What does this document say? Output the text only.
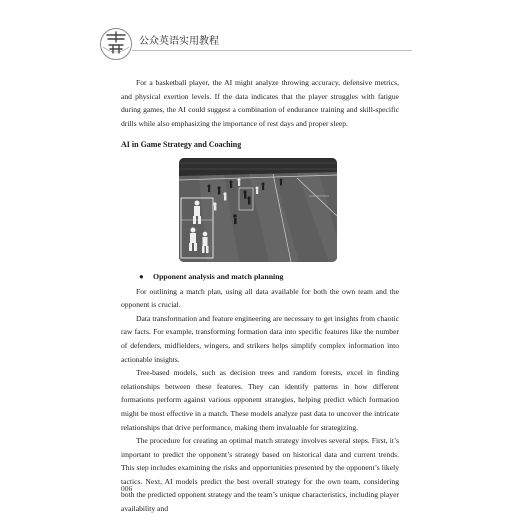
公众英语实用教程

For a basketball player, the AI might analyze throwing accuracy, defensive metrics, and physical exertion levels. If the data indicates that the player struggles with fatigue during games, the AI could suggest a combination of endurance training and skill-specific drills while also emphasizing the importance of rest days and proper sleep.

AI in Game Strategy and Coaching
● Opponent analysis and match planning

For outlining a match plan, using all data available for both the own team and the opponent is crucial.

Data transformation and feature engineering are necessary to get insights from chaotic raw facts. For example, transforming formation data into specific features like the number of defenders, midfielders, wingers, and strikers helps simplify complex information into actionable insights.

Tree-based models, such as decision trees and random forests, excel in finding relationships between these features. They can identify patterns in how different formations perform against various opponent strategies, helping predict which formation might be most effective in a match. These models analyze past data to uncover the intricate relationships that drive performance, making them invaluable for strategizing.

The procedure for creating an optimal match strategy involves several steps. First, it’s important to predict the opponent’s strategy based on historical data and current trends. This step includes examining the risks and opportunities presented by the opponent’s likely tactics. Next, AI models predict the best overall strategy for the own team, considering both the predicted opponent strategy and the team’s unique characteristics, including player availability and

006
